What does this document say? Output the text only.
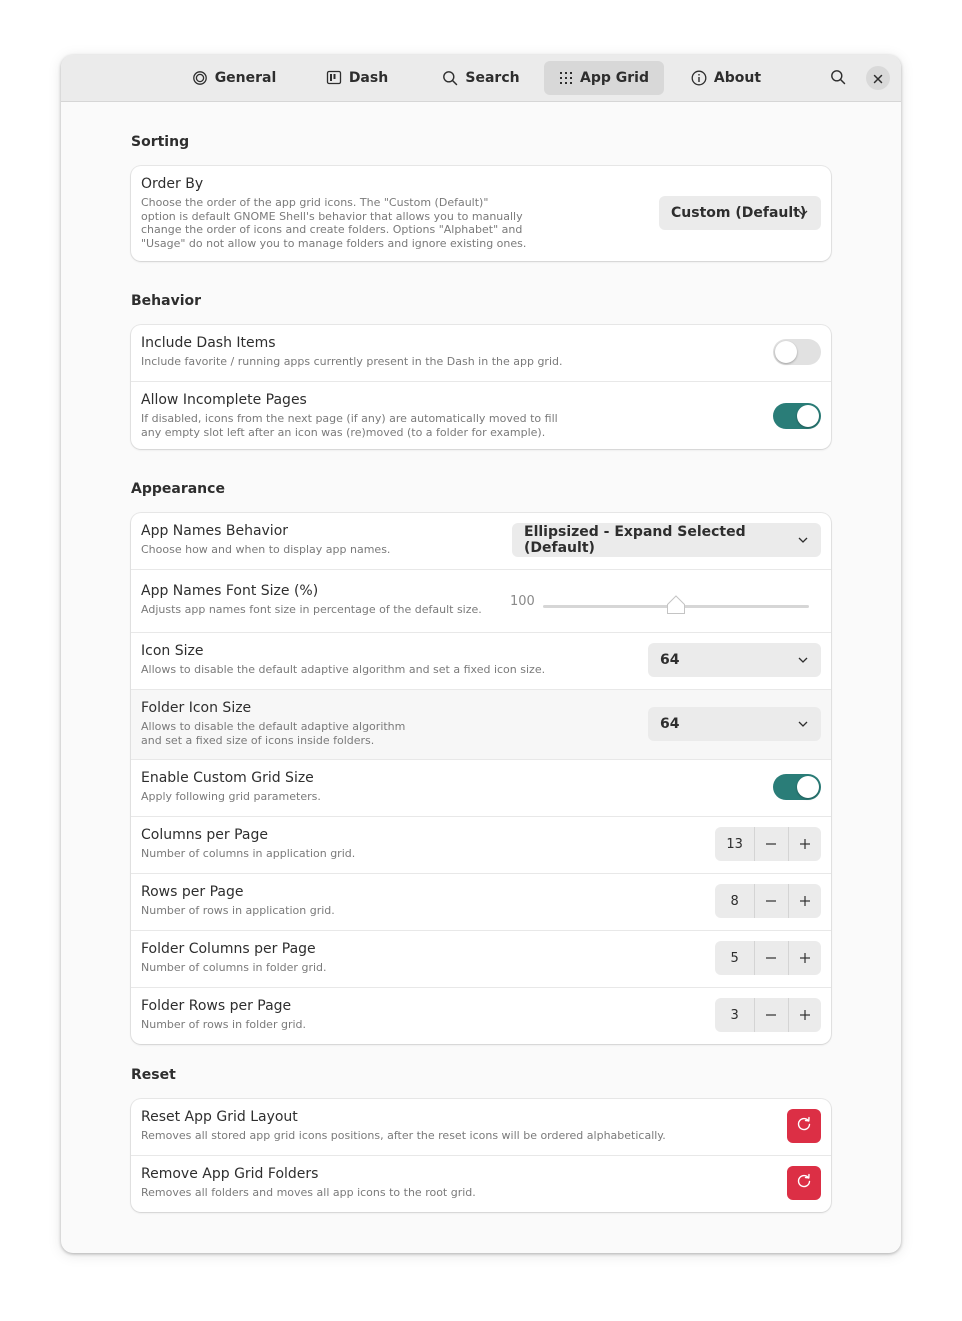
General	Dash	Search	App Grid	About
Sorting
Order By
Choose the order of the app grid icons. The "Custom (Default)"
option is default GNOME Shell's behavior that allows you to manually
change the order of icons and create folders. Options "Alphabet" and
"Usage" do not allow you to manage folders and ignore existing ones.
Custom (Default)
Behavior
Include Dash Items
Include favorite / running apps currently present in the Dash in the app grid.
Allow Incomplete Pages
If disabled, icons from the next page (if any) are automatically moved to fill
any empty slot left after an icon was (re)moved (to a folder for example).
Appearance
App Names Behavior
Choose how and when to display app names.
Ellipsized - Expand Selected (Default)
App Names Font Size (%)
Adjusts app names font size in percentage of the default size.
100
Icon Size
Allows to disable the default adaptive algorithm and set a fixed icon size.
64
Folder Icon Size
Allows to disable the default adaptive algorithm
and set a fixed size of icons inside folders.
64
Enable Custom Grid Size
Apply following grid parameters.
Columns per Page
Number of columns in application grid.
13
Rows per Page
Number of rows in application grid.
8
Folder Columns per Page
Number of columns in folder grid.
5
Folder Rows per Page
Number of rows in folder grid.
3
Reset
Reset App Grid Layout
Removes all stored app grid icons positions, after the reset icons will be ordered alphabetically.
Remove App Grid Folders
Removes all folders and moves all app icons to the root grid.
